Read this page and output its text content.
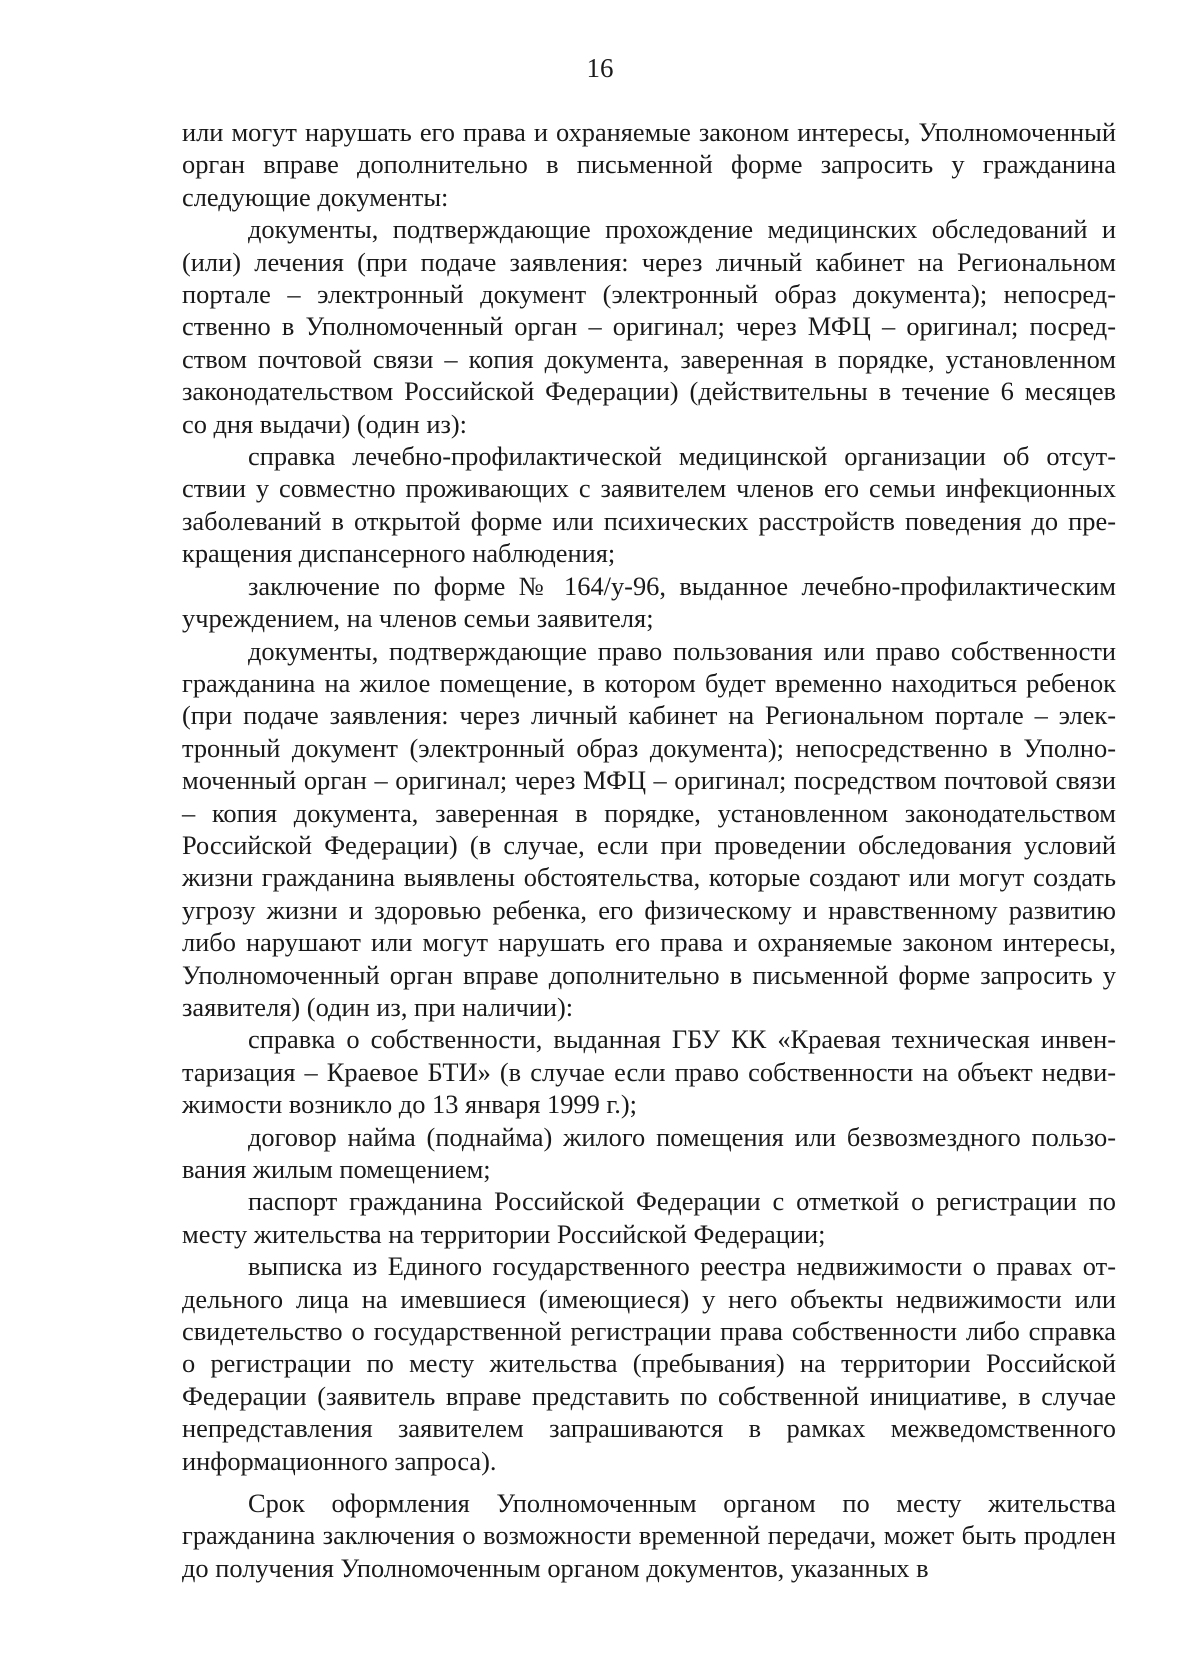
16

или могут нарушать его права и охраняемые законом интересы, Уполномоченный орган вправе дополнительно в письменной форме запросить у гражданина следующие документы:

документы, подтверждающие прохождение медицинских обследований и (или) лечения (при подаче заявления: через личный кабинет на Региональном портале – электронный документ (электронный образ документа); непосредственно в Уполномоченный орган – оригинал; через МФЦ – оригинал; посредством почтовой связи – копия документа, заверенная в порядке, установленном законодательством Российской Федерации) (действительны в течение 6 месяцев со дня выдачи) (один из):

справка лечебно-профилактической медицинской организации об отсутствии у совместно проживающих с заявителем членов его семьи инфекционных заболеваний в открытой форме или психических расстройств поведения до прекращения диспансерного наблюдения;

заключение по форме № 164/у-96, выданное лечебно-профилактическим учреждением, на членов семьи заявителя;

документы, подтверждающие право пользования или право собственности гражданина на жилое помещение, в котором будет временно находиться ребенок (при подаче заявления: через личный кабинет на Региональном портале – электронный документ (электронный образ документа); непосредственно в Уполномоченный орган – оригинал; через МФЦ – оригинал; посредством почтовой связи – копия документа, заверенная в порядке, установленном законодательством Российской Федерации) (в случае, если при проведении обследования условий жизни гражданина выявлены обстоятельства, которые создают или могут создать угрозу жизни и здоровью ребенка, его физическому и нравственному развитию либо нарушают или могут нарушать его права и охраняемые законом интересы, Уполномоченный орган вправе дополнительно в письменной форме запросить у заявителя) (один из, при наличии):

справка о собственности, выданная ГБУ КК «Краевая техническая инвентаризация – Краевое БТИ» (в случае если право собственности на объект недвижимости возникло до 13 января 1999 г.);

договор найма (поднайма) жилого помещения или безвозмездного пользования жилым помещением;

паспорт гражданина Российской Федерации с отметкой о регистрации по месту жительства на территории Российской Федерации;

выписка из Единого государственного реестра недвижимости о правах отдельного лица на имевшиеся (имеющиеся) у него объекты недвижимости или свидетельство о государственной регистрации права собственности либо справка о регистрации по месту жительства (пребывания) на территории Российской Федерации (заявитель вправе представить по собственной инициативе, в случае непредставления заявителем запрашиваются в рамках межведомственного информационного запроса).

Срок оформления Уполномоченным органом по месту жительства гражданина заключения о возможности временной передачи, может быть продлен до получения Уполномоченным органом документов, указанных в
